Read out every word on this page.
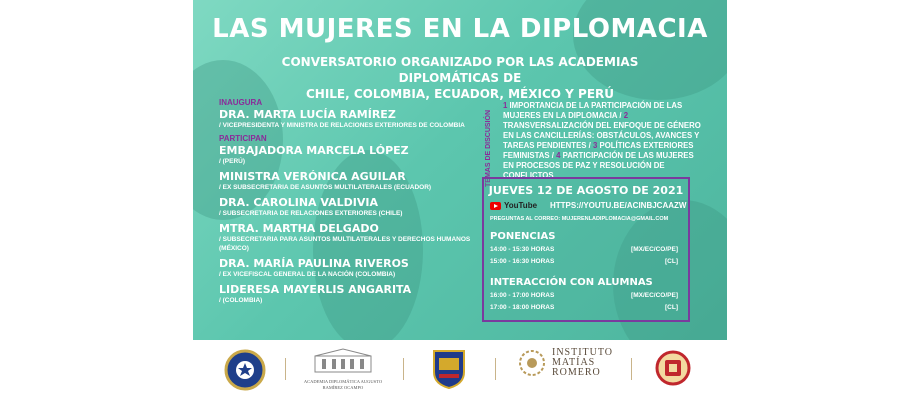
LAS MUJERES EN LA DIPLOMACIA
CONVERSATORIO ORGANIZADO POR LAS ACADEMIAS DIPLOMÁTICAS DE
CHILE, COLOMBIA, ECUADOR, MÉXICO Y PERÚ
INAUGURA
DRA. MARTA LUCÍA RAMÍREZ
/ VICEPRESIDENTA Y MINISTRA DE RELACIONES EXTERIORES DE COLOMBIA
PARTICIPAN
EMBAJADORA MARCELA LÓPEZ
/ (PERÚ)
MINISTRA VERÓNICA AGUILAR
/ EX SUBSECRETARIA DE ASUNTOS MULTILATERALES (ECUADOR)
DRA. CAROLINA VALDIVIA
/ SUBSECRETARIA DE RELACIONES EXTERIORES (CHILE)
MTRA. MARTHA DELGADO
/ SUBSECRETARIA PARA ASUNTOS MULTILATERALES Y DERECHOS HUMANOS (MÉXICO)
DRA. MARÍA PAULINA RIVEROS
/ EX VICEFISCAL GENERAL DE LA NACIÓN (COLOMBIA)
LIDERESA MAYERLIS ANGARITA
/ (COLOMBIA)
TEMAS DE DISCUSIÓN
1 IMPORTANCIA DE LA PARTICIPACIÓN DE LAS MUJERES EN LA DIPLOMACIA / 2 TRANSVERSALIZACIÓN DEL ENFOQUE DE GÉNERO EN LAS CANCILLERÍAS: OBSTÁCULOS, AVANCES Y TAREAS PENDIENTES / 3 POLÍTICAS EXTERIORES FEMINISTAS / 4 PARTICIPACIÓN DE LAS MUJERES EN PROCESOS DE PAZ Y RESOLUCIÓN DE CONFLICTOS
JUEVES 12 DE AGOSTO DE 2021
YouTube HTTPS://YOUTU.BE/ACINBJCAAZW
PREGUNTAS AL CORREO: MUJERENLADIPLOMACIA@GMAIL.COM
PONENCIAS
14:00 - 15:30 HORAS	[MX/EC/CO/PE]
15:00 - 16:30 HORAS	[CL]
INTERACCIÓN CON ALUMNAS
16:00 - 17:00 HORAS	[MX/EC/CO/PE]
17:00 - 18:00 HORAS	[CL]
ACADEMIA DIPLOMÁTICA AUGUSTO RAMÍREZ OCAMPO
INSTITUTO
MATÍAS
ROMERO
